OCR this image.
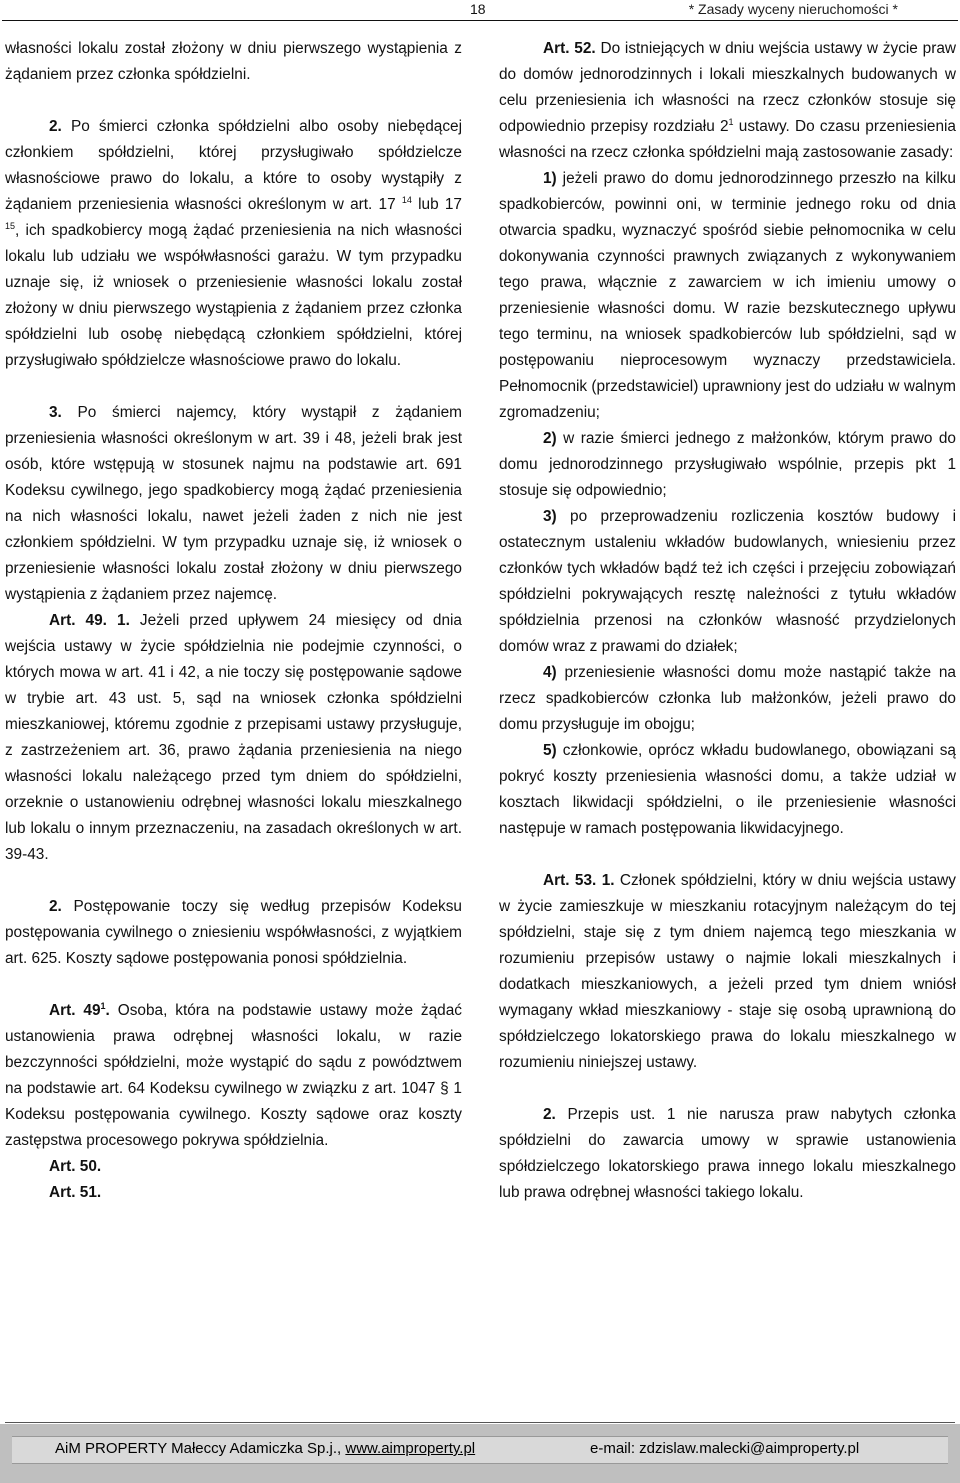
18	* Zasady wyceny nieruchomości *

własności lokalu został złożony w dniu pierwszego wystąpienia z żądaniem przez członka spółdzielni.

2. Po śmierci członka spółdzielni albo osoby niebędącej członkiem spółdzielni, której przysługiwało spółdzielcze własnościowe prawo do lokalu, a które to osoby wystąpiły z żądaniem przeniesienia własności określonym w art. 17 $^{14}$ lub 17 $^{15}$, ich spadkobiercy mogą żądać przeniesienia na nich własności lokalu lub udziału we współwłasności garażu. W tym przypadku uznaje się, iż wniosek o przeniesienie własności lokalu został złożony w dniu pierwszego wystąpienia z żądaniem przez członka spółdzielni lub osobę niebędącą członkiem spółdzielni, której przysługiwało spółdzielcze własnościowe prawo do lokalu.

3. Po śmierci najemcy, który wystąpił z żądaniem przeniesienia własności określonym w art. 39 i 48, jeżeli brak jest osób, które wstępują w stosunek najmu na podstawie art. 691 Kodeksu cywilnego, jego spadkobiercy mogą żądać przeniesienia na nich własności lokalu, nawet jeżeli żaden z nich nie jest członkiem spółdzielni. W tym przypadku uznaje się, iż wniosek o przeniesienie własności lokalu został złożony w dniu pierwszego wystąpienia z żądaniem przez najemcę.

Art. 49. 1. Jeżeli przed upływem 24 miesięcy od dnia wejścia ustawy w życie spółdzielnia nie podejmie czynności, o których mowa w art. 41 i 42, a nie toczy się postępowanie sądowe w trybie art. 43 ust. 5, sąd na wniosek członka spółdzielni mieszkaniowej, któremu zgodnie z przepisami ustawy przysługuje, z zastrzeżeniem art. 36, prawo żądania przeniesienia na niego własności lokalu należącego przed tym dniem do spółdzielni, orzeknie o ustanowieniu odrębnej własności lokalu mieszkalnego lub lokalu o innym przeznaczeniu, na zasadach określonych w art. 39-43.

2. Postępowanie toczy się według przepisów Kodeksu postępowania cywilnego o zniesieniu współwłasności, z wyjątkiem art. 625. Koszty sądowe postępowania ponosi spółdzielnia.

Art. $49^1$. Osoba, która na podstawie ustawy może żądać ustanowienia prawa odrębnej własności lokalu, w razie bezczynności spółdzielni, może wystąpić do sądu z powództwem na podstawie art. 64 Kodeksu cywilnego w związku z art. 1047 § 1 Kodeksu postępowania cywilnego. Koszty sądowe oraz koszty zastępstwa procesowego pokrywa spółdzielnia.

Art. 50.

Art. 51.

Art. 52. Do istniejących w dniu wejścia ustawy w życie praw do domów jednorodzinnych i lokali mieszkalnych budowanych w celu przeniesienia ich własności na rzecz członków stosuje się odpowiednio przepisy rozdziału $2^1$ ustawy. Do czasu przeniesienia własności na rzecz członka spółdzielni mają zastosowanie zasady:

1) jeżeli prawo do domu jednorodzinnego przeszło na kilku spadkobierców, powinni oni, w terminie jednego roku od dnia otwarcia spadku, wyznaczyć spośród siebie pełnomocnika w celu dokonywania czynności prawnych związanych z wykonywaniem tego prawa, włącznie z zawarciem w ich imieniu umowy o przeniesienie własności domu. W razie bezskutecznego upływu tego terminu, na wniosek spadkobierców lub spółdzielni, sąd w postępowaniu nieprocesowym wyznaczy przedstawiciela. Pełnomocnik (przedstawiciel) uprawniony jest do udziału w walnym zgromadzeniu;

2) w razie śmierci jednego z małżonków, którym prawo do domu jednorodzinnego przysługiwało wspólnie, przepis pkt 1 stosuje się odpowiednio;

3) po przeprowadzeniu rozliczenia kosztów budowy i ostatecznym ustaleniu wkładów budowlanych, wniesieniu przez członków tych wkładów bądź też ich części i przejęciu zobowiązań spółdzielni pokrywających resztę należności z tytułu wkładów spółdzielnia przenosi na członków własność przydzielonych domów wraz z prawami do działek;

4) przeniesienie własności domu może nastąpić także na rzecz spadkobierców członka lub małżonków, jeżeli prawo do domu przysługuje im obojgu;

5) członkowie, oprócz wkładu budowlanego, obowiązani są pokryć koszty przeniesienia własności domu, a także udział w kosztach likwidacji spółdzielni, o ile przeniesienie własności następuje w ramach postępowania likwidacyjnego.

Art. 53. 1. Członek spółdzielni, który w dniu wejścia ustawy w życie zamieszkuje w mieszkaniu rotacyjnym należącym do tej spółdzielni, staje się z tym dniem najemcą tego mieszkania w rozumieniu przepisów ustawy o najmie lokali mieszkalnych i dodatkach mieszkaniowych, a jeżeli przed tym dniem wniósł wymagany wkład mieszkaniowy - staje się osobą uprawnioną do spółdzielczego lokatorskiego prawa do lokalu mieszkalnego w rozumieniu niniejszej ustawy.

2. Przepis ust. 1 nie narusza praw nabytych członka spółdzielni do zawarcia umowy w sprawie ustanowienia spółdzielczego lokatorskiego prawa innego lokalu mieszkalnego lub prawa odrębnej własności takiego lokalu.

AiM PROPERTY Małeccy Adamiczka Sp.j., www.aimproperty.pl	e-mail: zdzislaw.malecki@aimproperty.pl
